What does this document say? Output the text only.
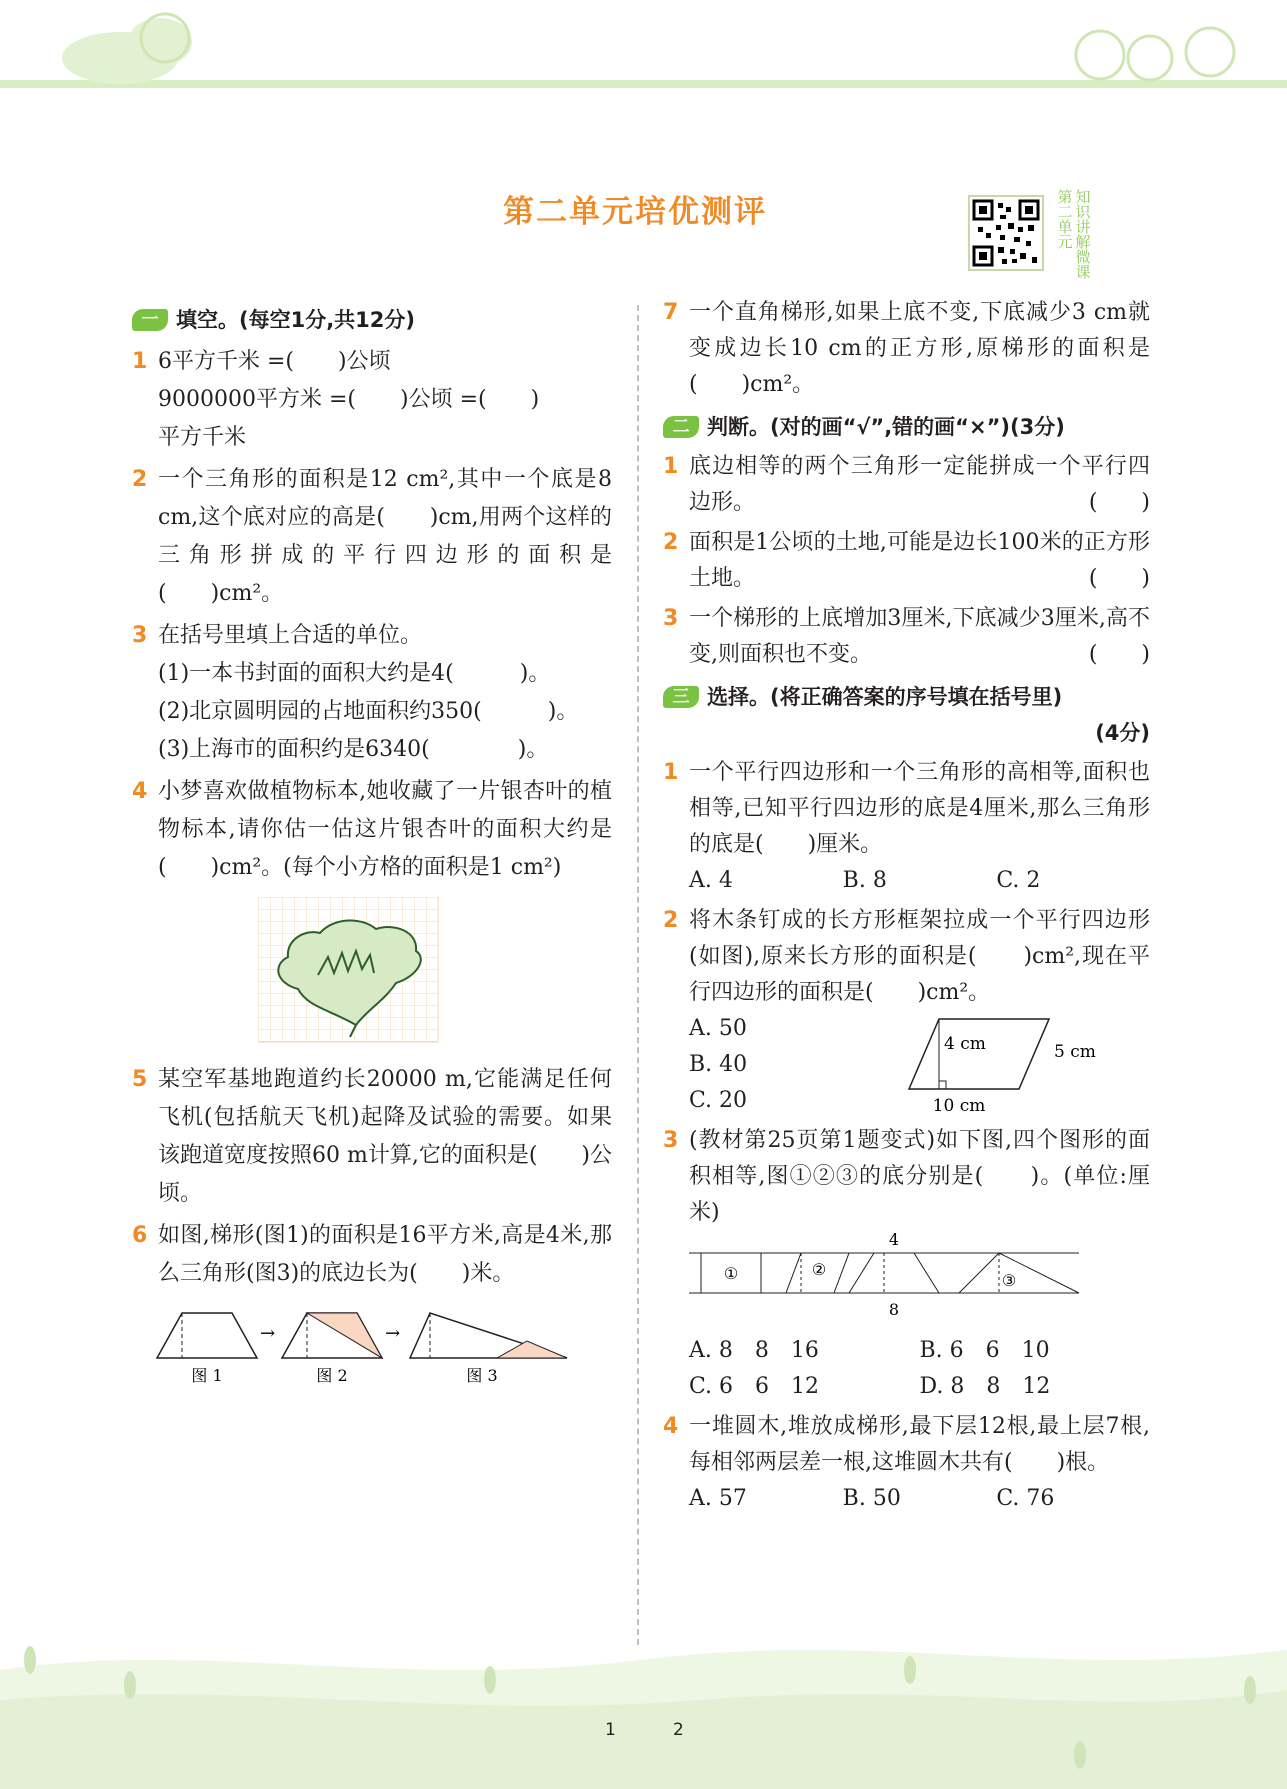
第二单元培优测评	第二单元知识讲解微课
一 填空。(每空1分,共12分)
1 6平方千米 =(　　)公顷
9000000平方米 =(　　)公顷 =(　　)
平方千米
2 一个三角形的面积是12 cm²,其中一个底是8 cm,这个底对应的高是(　　)cm,用两个这样的三角形拼成的平行四边形的面积是(　　)cm²。
3 在括号里填上合适的单位。
(1)一本书封面的面积大约是4(　　　)。
(2)北京圆明园的占地面积约350(　　　)。
(3)上海市的面积约是6340(　　　　)。
4 小梦喜欢做植物标本,她收藏了一片银杏叶的植物标本,请你估一估这片银杏叶的面积大约是(　　)cm²。(每个小方格的面积是1 cm²)
5 某空军基地跑道约长20000 m,它能满足任何飞机(包括航天飞机)起降及试验的需要。如果该跑道宽度按照60 m计算,它的面积是(　　)公顷。
6 如图,梯形(图1)的面积是16平方米,高是4米,那么三角形(图3)的底边长为(　　)米。
→	→
图 1	图 2	图 3
7 一个直角梯形,如果上底不变,下底减少3 cm就变成边长10 cm的正方形,原梯形的面积是(　　)cm²。
二 判断。(对的画“√”,错的画“×”)(3分)
1 底边相等的两个三角形一定能拼成一个平行四边形。	(　　)
2 面积是1公顷的土地,可能是边长100米的正方形土地。	(　　)
3 一个梯形的上底增加3厘米,下底减少3厘米,高不变,则面积也不变。	(　　)
三 选择。(将正确答案的序号填在括号里)
(4分)
1 一个平行四边形和一个三角形的高相等,面积也相等,已知平行四边形的底是4厘米,那么三角形的底是(　　)厘米。
A. 4	B. 8	C. 2
2 将木条钉成的长方形框架拉成一个平行四边形(如图),原来长方形的面积是(　　)cm²,现在平行四边形的面积是(　　)cm²。
A. 50
B. 40
C. 20
4 cm	5 cm
10 cm
3 (教材第25页第1题变式)如下图,四个图形的面积相等,图①②③的底分别是(　　)。(单位:厘米)
4
8
①	②
③
A. 8　8　16	B. 6　6　10
C. 6　6　12	D. 8　8　12
4 一堆圆木,堆放成梯形,最下层12根,最上层7根,每相邻两层差一根,这堆圆木共有(　　)根。
A. 57	B. 50	C. 76
1	2
